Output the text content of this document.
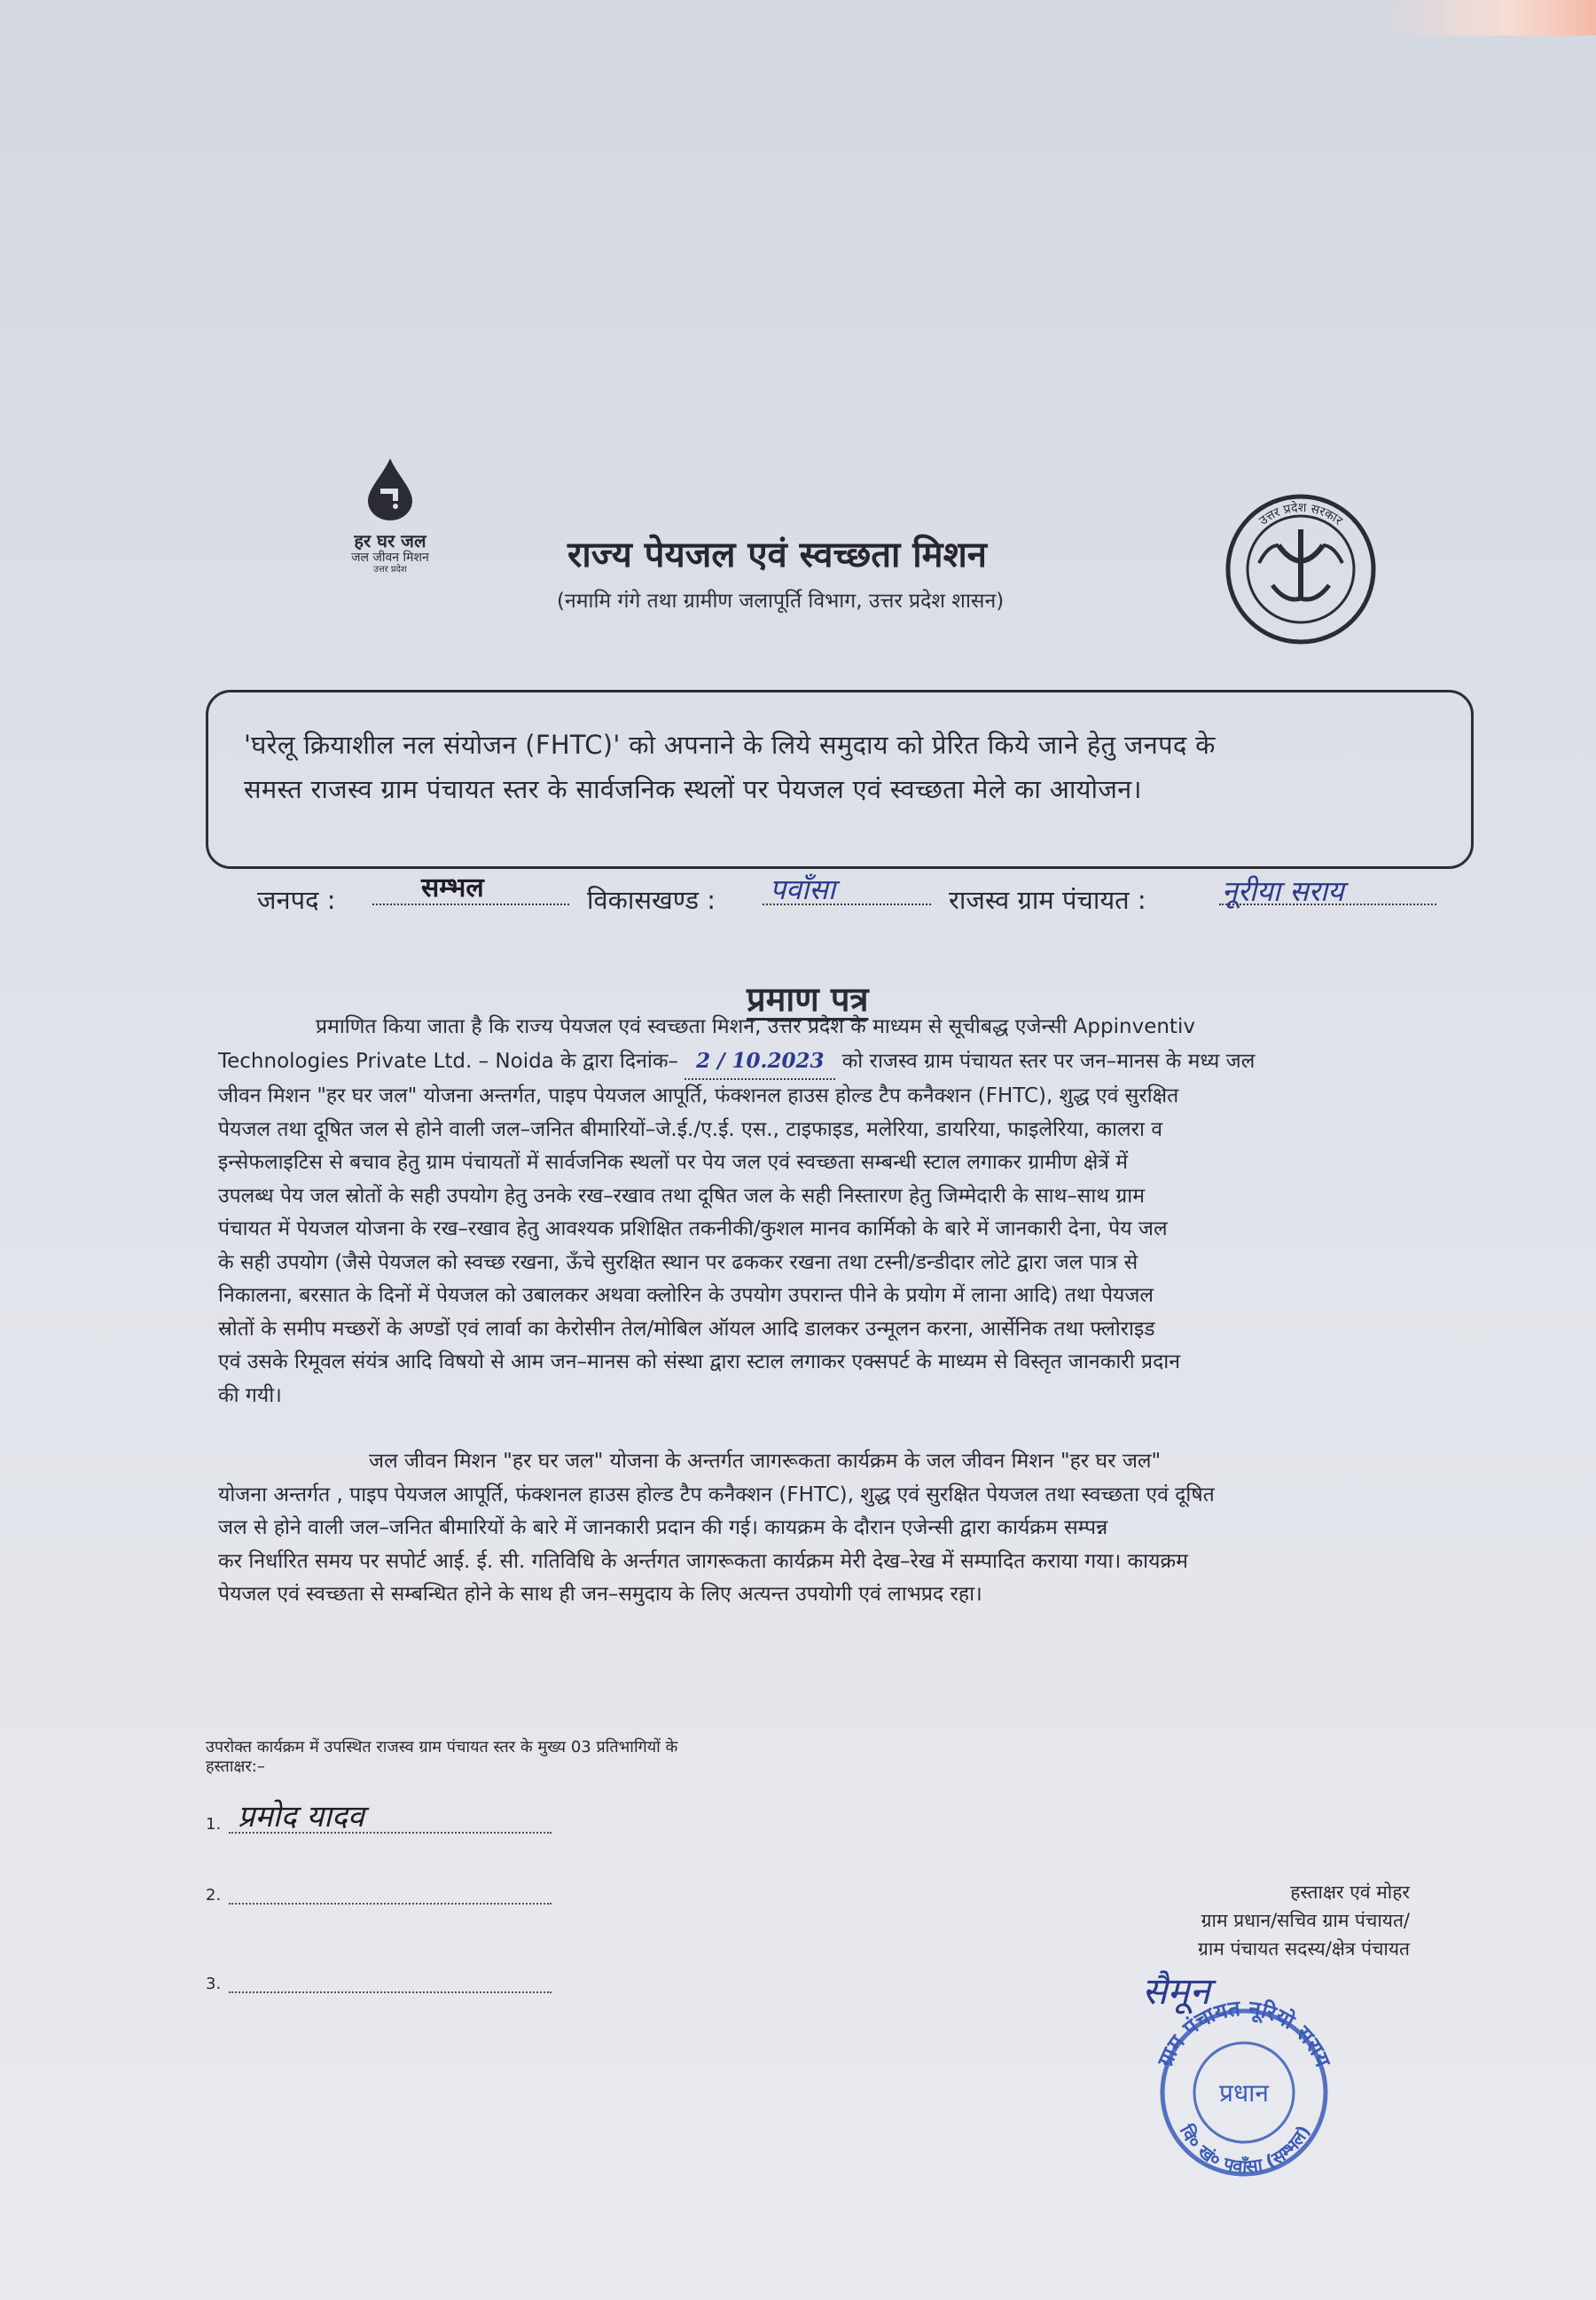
हर घर जल
जल जीवन मिशन
उत्तर प्रदेश	राज्य पेयजल एवं स्वच्छता मिशन
(नमामि गंगे तथा ग्रामीण जलापूर्ति विभाग, उत्तर प्रदेश शासन)
उत्तर प्रदेश सरकार
'घरेलू क्रियाशील नल संयोजन (FHTC)' को अपनाने के लिये समुदाय को प्रेरित किये जाने हेतु जनपद के
समस्त राजस्व ग्राम पंचायत स्तर के सार्वजनिक स्थलों पर पेयजल एवं स्वच्छता मेले का आयोजन।
जनपद :	सम्भल	विकासखण्ड : पवाँसा	राजस्व ग्राम पंचायत :	नूरीया सराय
प्रमाण पत्र
प्रमाणित किया जाता है कि राज्य पेयजल एवं स्वच्छता मिशन, उत्तर प्रदेश के माध्यम से सूचीबद्ध एजेन्सी Appinventiv
Technologies Private Ltd. – Noida के द्वारा दिनांक– 2 / 10.2023 को राजस्व ग्राम पंचायत स्तर पर जन–मानस के मध्य जल
जीवन मिशन "हर घर जल" योजना अन्तर्गत, पाइप पेयजल आपूर्ति, फंक्शनल हाउस होल्ड टैप कनैक्शन (FHTC), शुद्ध एवं सुरक्षित
पेयजल तथा दूषित जल से होने वाली जल–जनित बीमारियों–जे.ई./ए.ई. एस., टाइफाइड, मलेरिया, डायरिया, फाइलेरिया, कालरा व
इन्सेफलाइटिस से बचाव हेतु ग्राम पंचायतों में सार्वजनिक स्थलों पर पेय जल एवं स्वच्छता सम्बन्धी स्टाल लगाकर ग्रामीण क्षेत्रें में
उपलब्ध पेय जल स्रोतों के सही उपयोग हेतु उनके रख–रखाव तथा दूषित जल के सही निस्तारण हेतु जिम्मेदारी के साथ–साथ ग्राम
पंचायत में पेयजल योजना के रख–रखाव हेतु आवश्यक प्रशिक्षित तकनीकी/कुशल मानव कार्मिको के बारे में जानकारी देना, पेय जल
के सही उपयोग (जैसे पेयजल को स्वच्छ रखना, ऊँचे सुरक्षित स्थान पर ढककर रखना तथा टस्नी/डन्डीदार लोटे द्वारा जल पात्र से
निकालना, बरसात के दिनों में पेयजल को उबालकर अथवा क्लोरिन के उपयोग उपरान्त पीने के प्रयोग में लाना आदि) तथा पेयजल
स्रोतों के समीप मच्छरों के अण्डों एवं लार्वा का केरोसीन तेल/मोबिल ऑयल आदि डालकर उन्मूलन करना, आर्सेनिक तथा फ्लोराइड
एवं उसके रिमूवल संयंत्र आदि विषयो से आम जन–मानस को संस्था द्वारा स्टाल लगाकर एक्सपर्ट के माध्यम से विस्तृत जानकारी प्रदान
की गयी।
जल जीवन मिशन "हर घर जल" योजना के अन्तर्गत जागरूकता कार्यक्रम के जल जीवन मिशन "हर घर जल"
योजना अन्तर्गत , पाइप पेयजल आपूर्ति, फंक्शनल हाउस होल्ड टैप कनैक्शन (FHTC), शुद्ध एवं सुरक्षित पेयजल तथा स्वच्छता एवं दूषित
जल से होने वाली जल–जनित बीमारियों के बारे में जानकारी प्रदान की गई। कायक्रम के दौरान एजेन्सी द्वारा कार्यक्रम सम्पन्न
कर निर्धारित समय पर सपोर्ट आई. ई. सी. गतिविधि के अर्न्तगत जागरूकता कार्यक्रम मेरी देख–रेख में सम्पादित कराया गया। कायक्रम
पेयजल एवं स्वच्छता से सम्बन्धित होने के साथ ही जन–समुदाय के लिए अत्यन्त उपयोगी एवं लाभप्रद रहा।
उपरोक्त कार्यक्रम में उपस्थित राजस्व ग्राम पंचायत स्तर के मुख्य 03 प्रतिभागियों के
हस्ताक्षर:–
1. प्रमोद यादव
2.
3.
हस्ताक्षर एवं मोहर
ग्राम प्रधान/सचिव ग्राम पंचायत/
ग्राम पंचायत सदस्य/क्षेत्र पंचायत
ग्राम पंचायत नूरियो सराय
वि० खं० पवाँसा (सम्भल)
प्रधान
सैमून
